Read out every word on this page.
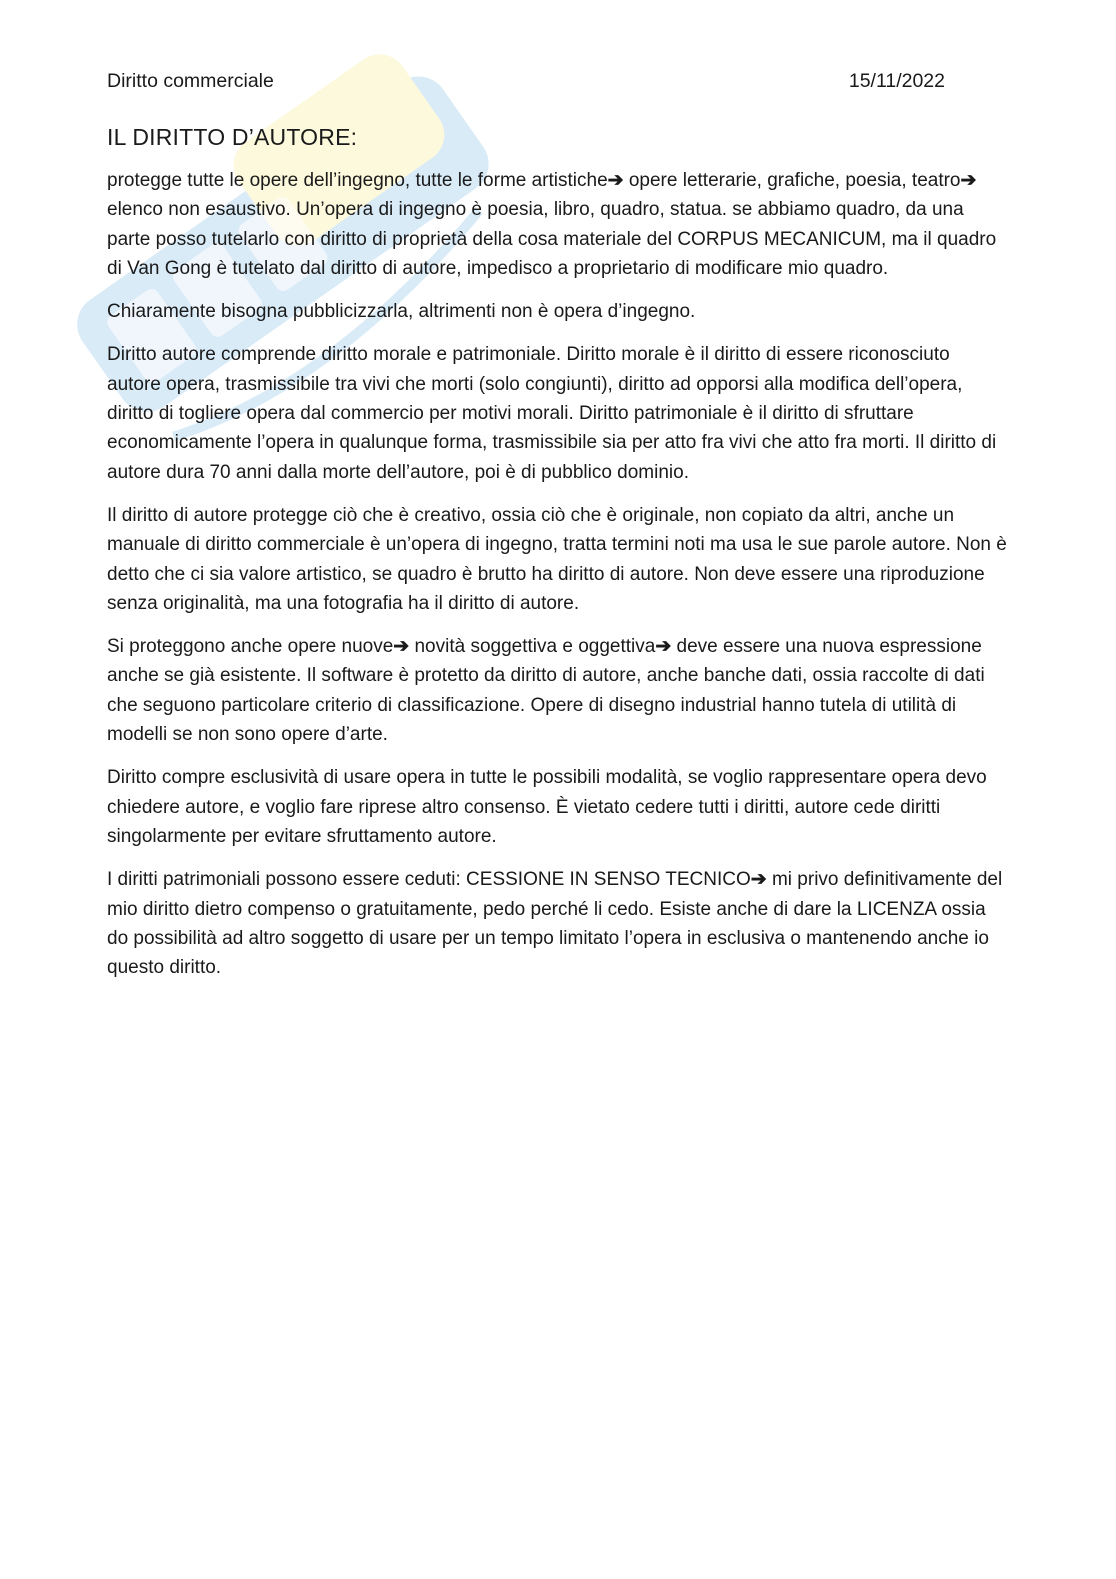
Diritto commerciale	15/11/2022
IL DIRITTO D’AUTORE:

protegge tutte le opere dell’ingegno, tutte le forme artistiche➔ opere letterarie, grafiche, poesia, teatro➔ elenco non esaustivo. Un’opera di ingegno è poesia, libro, quadro, statua. se abbiamo quadro, da una parte posso tutelarlo con diritto di proprietà della cosa materiale del CORPUS MECANICUM, ma il quadro di Van Gong è tutelato dal diritto di autore, impedisco a proprietario di modificare mio quadro.

Chiaramente bisogna pubblicizzarla, altrimenti non è opera d’ingegno.

Diritto autore comprende diritto morale e patrimoniale. Diritto morale è il diritto di essere riconosciuto autore opera, trasmissibile tra vivi che morti (solo congiunti), diritto ad opporsi alla modifica dell’opera, diritto di togliere opera dal commercio per motivi morali. Diritto patrimoniale è il diritto di sfruttare economicamente l’opera in qualunque forma, trasmissibile sia per atto fra vivi che atto fra morti. Il diritto di autore dura 70 anni dalla morte dell’autore, poi è di pubblico dominio.

Il diritto di autore protegge ciò che è creativo, ossia ciò che è originale, non copiato da altri, anche un manuale di diritto commerciale è un’opera di ingegno, tratta termini noti ma usa le sue parole autore. Non è detto che ci sia valore artistico, se quadro è brutto ha diritto di autore. Non deve essere una riproduzione senza originalità, ma una fotografia ha il diritto di autore.

Si proteggono anche opere nuove➔ novità soggettiva e oggettiva➔ deve essere una nuova espressione anche se già esistente. Il software è protetto da diritto di autore, anche banche dati, ossia raccolte di dati che seguono particolare criterio di classificazione. Opere di disegno industrial hanno tutela di utilità di modelli se non sono opere d’arte.

Diritto compre esclusività di usare opera in tutte le possibili modalità, se voglio rappresentare opera devo chiedere autore, e voglio fare riprese altro consenso. È vietato cedere tutti i diritti, autore cede diritti singolarmente per evitare sfruttamento autore.

I diritti patrimoniali possono essere ceduti: CESSIONE IN SENSO TECNICO➔ mi privo definitivamente del mio diritto dietro compenso o gratuitamente, pedo perché li cedo. Esiste anche di dare la LICENZA ossia do possibilità ad altro soggetto di usare per un tempo limitato l’opera in esclusiva o mantenendo anche io questo diritto.
